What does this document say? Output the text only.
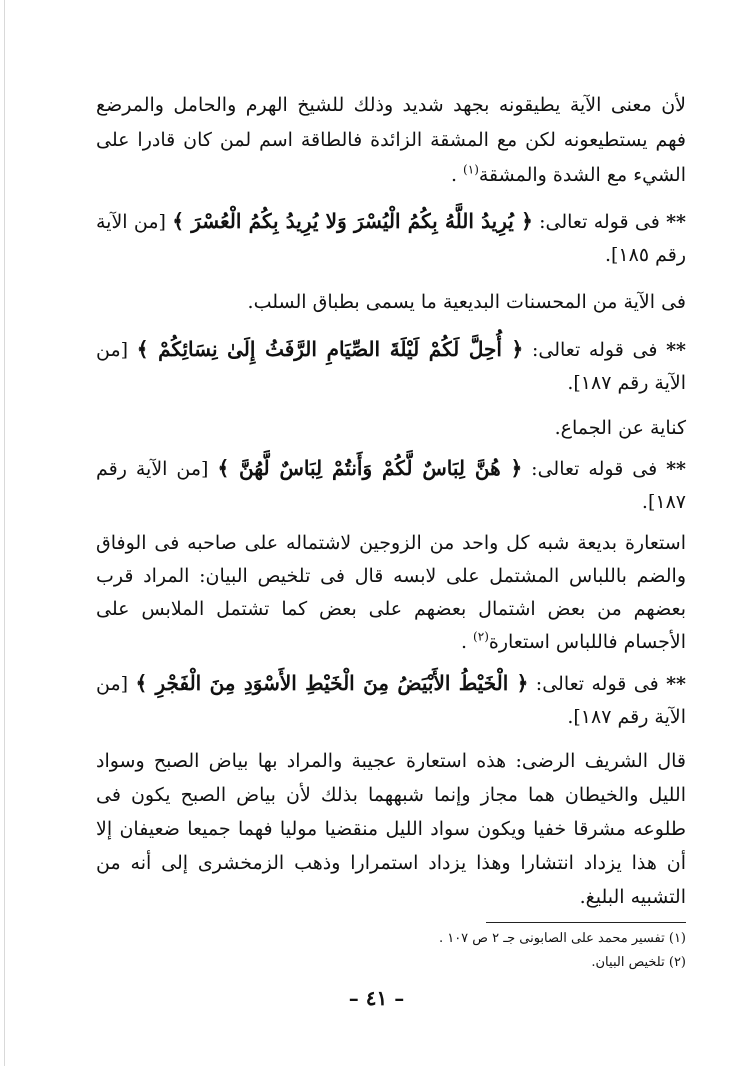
لأن معنى الآية يطيقونه بجهد شديد وذلك للشيخ الهرم والحامل والمرضع فهم يستطيعونه لكن مع المشقة الزائدة فالطاقة اسم لمن كان قادرا على الشيء مع الشدة والمشقة$^{(١)}$ .
** فى قوله تعالى: ﴿ يُرِيدُ اللَّهُ بِكُمُ الْيُسْرَ وَلا يُرِيدُ بِكُمُ الْعُسْرَ ﴾ [من الآية رقم ١٨٥].
فى الآية من المحسنات البديعية ما يسمى بطباق السلب.
** فى قوله تعالى: ﴿ أُحِلَّ لَكُمْ لَيْلَةَ الصِّيَامِ الرَّفَثُ إِلَىٰ نِسَائِكُمْ ﴾ [من الآية رقم ١٨٧].
كناية عن الجماع.
** فى قوله تعالى: ﴿ هُنَّ لِبَاسٌ لَّكُمْ وَأَنتُمْ لِبَاسٌ لَّهُنَّ ﴾ [من الآية رقم ١٨٧].
استعارة بديعة شبه كل واحد من الزوجين لاشتماله على صاحبه فى الوفاق والضم باللباس المشتمل على لابسه قال فى تلخيص البيان: المراد قرب بعضهم من بعض اشتمال بعضهم على بعض كما تشتمل الملابس على الأجسام فاللباس استعارة$^{(٢)}$ .
** فى قوله تعالى: ﴿ الْخَيْطُ الأَبْيَضُ مِنَ الْخَيْطِ الأَسْوَدِ مِنَ الْفَجْرِ ﴾ [من الآية رقم ١٨٧].
قال الشريف الرضى: هذه استعارة عجيبة والمراد بها بياض الصبح وسواد الليل والخيطان هما مجاز وإنما شبههما بذلك لأن بياض الصبح يكون فى طلوعه مشرقا خفيا ويكون سواد الليل منقضيا موليا فهما جميعا ضعيفان إلا أن هذا يزداد انتشارا وهذا يزداد استمرارا وذهب الزمخشرى إلى أنه من التشبيه البليغ.
(١) تفسير محمد على الصابونى جـ ٢ ص ١٠٧ .
(٢) تلخيص البيان.
– ٤١ –
